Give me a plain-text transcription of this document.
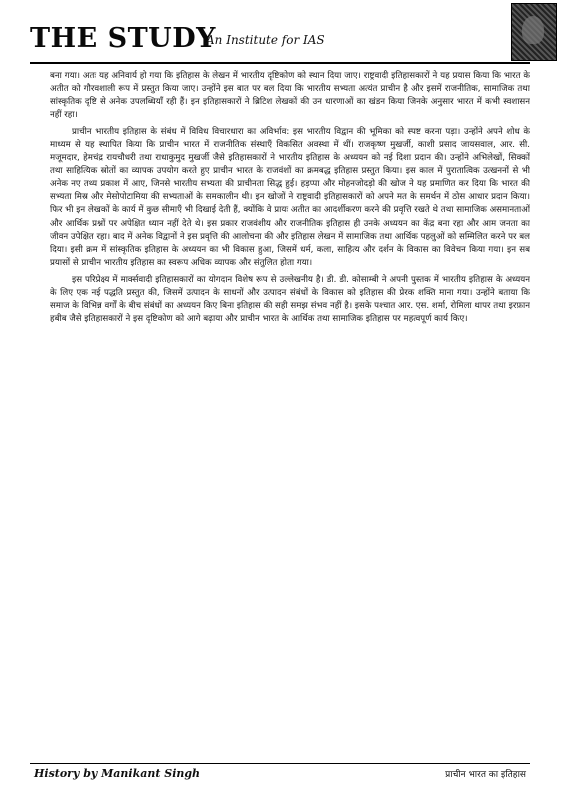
THE STUDY
An Institute for IAS

बना गया। अतः यह अनिवार्य हो गया कि इतिहास के लेखन में भारतीय दृष्टिकोण को स्थान दिया जाए। राष्ट्रवादी इतिहासकारों ने यह प्रयास किया कि भारत के अतीत को गौरवशाली रूप में प्रस्तुत किया जाए। उन्होंने इस बात पर बल दिया कि भारतीय सभ्यता अत्यंत प्राचीन है और इसमें राजनीतिक, सामाजिक तथा सांस्कृतिक दृष्टि से अनेक उपलब्धियाँ रही हैं। इन इतिहासकारों ने ब्रिटिश लेखकों की उन धारणाओं का खंडन किया जिनके अनुसार भारत में कभी स्वशासन नहीं रहा।

प्राचीन भारतीय इतिहास के संबंध में विविध विचारधारा का अविर्भाव: इस भारतीय विद्वान की भूमिका को स्पष्ट करना पड़ा। उन्होंने अपने शोध के माध्यम से यह स्थापित किया कि प्राचीन भारत में राजनीतिक संस्थाएँ विकसित अवस्था में थीं। राजकृष्ण मुखर्जी, काशी प्रसाद जायसवाल, आर. सी. मजूमदार, हेमचंद्र रायचौधरी तथा राधाकुमुद मुखर्जी जैसे इतिहासकारों ने भारतीय इतिहास के अध्ययन को नई दिशा प्रदान की। उन्होंने अभिलेखों, सिक्कों तथा साहित्यिक स्रोतों का व्यापक उपयोग करते हुए प्राचीन भारत के राजवंशों का क्रमबद्ध इतिहास प्रस्तुत किया। इस काल में पुरातात्विक उत्खननों से भी अनेक नए तथ्य प्रकाश में आए, जिनसे भारतीय सभ्यता की प्राचीनता सिद्ध हुई। हड़प्पा और मोहनजोदड़ो की खोज ने यह प्रमाणित कर दिया कि भारत की सभ्यता मिस्र और मेसोपोटामिया की सभ्यताओं के समकालीन थी। इन खोजों ने राष्ट्रवादी इतिहासकारों को अपने मत के समर्थन में ठोस आधार प्रदान किया। फिर भी इन लेखकों के कार्य में कुछ सीमाएँ भी दिखाई देती हैं, क्योंकि वे प्रायः अतीत का आदर्शीकरण करने की प्रवृत्ति रखते थे तथा सामाजिक असमानताओं और आर्थिक प्रश्नों पर अपेक्षित ध्यान नहीं देते थे। इस प्रकार राजवंशीय और राजनीतिक इतिहास ही उनके अध्ययन का केंद्र बना रहा और आम जनता का जीवन उपेक्षित रहा। बाद में अनेक विद्वानों ने इस प्रवृत्ति की आलोचना की और इतिहास लेखन में सामाजिक तथा आर्थिक पहलुओं को सम्मिलित करने पर बल दिया। इसी क्रम में सांस्कृतिक इतिहास के अध्ययन का भी विकास हुआ, जिसमें धर्म, कला, साहित्य और दर्शन के विकास का विवेचन किया गया। इन सब प्रयासों से प्राचीन भारतीय इतिहास का स्वरूप अधिक व्यापक और संतुलित होता गया।

इस परिप्रेक्ष्य में मार्क्सवादी इतिहासकारों का योगदान विशेष रूप से उल्लेखनीय है। डी. डी. कोसाम्बी ने अपनी पुस्तक में भारतीय इतिहास के अध्ययन के लिए एक नई पद्धति प्रस्तुत की, जिसमें उत्पादन के साधनों और उत्पादन संबंधों के विकास को इतिहास की प्रेरक शक्ति माना गया। उन्होंने बताया कि समाज के विभिन्न वर्गों के बीच संबंधों का अध्ययन किए बिना इतिहास की सही समझ संभव नहीं है। इसके पश्चात आर. एस. शर्मा, रोमिला थापर तथा इरफ़ान हबीब जैसे इतिहासकारों ने इस दृष्टिकोण को आगे बढ़ाया और प्राचीन भारत के आर्थिक तथा सामाजिक इतिहास पर महत्वपूर्ण कार्य किए।

History by Manikant Singh	प्राचीन भारत का इतिहास
